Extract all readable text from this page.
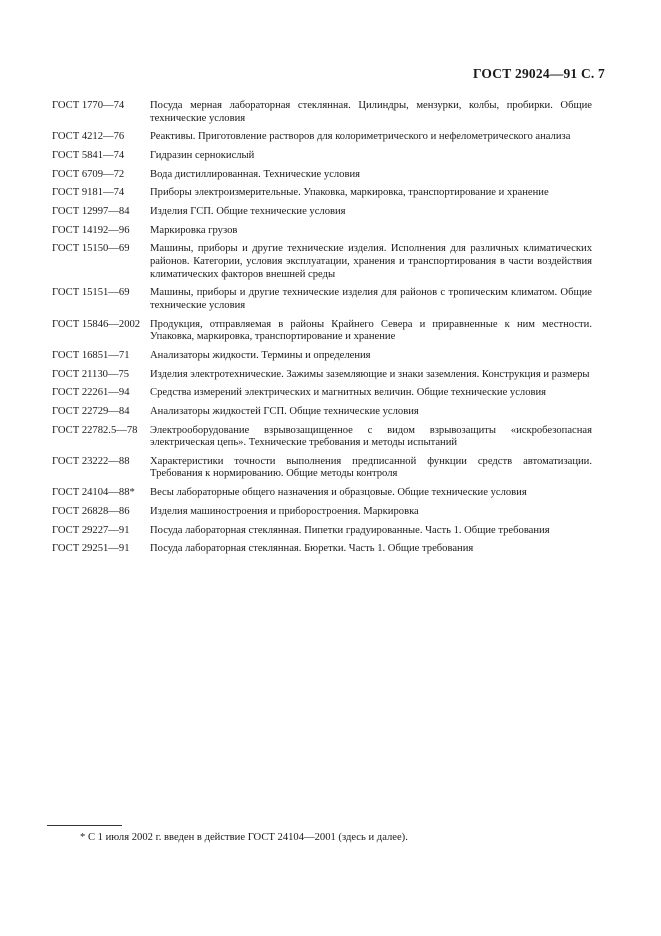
ГОСТ 29024—91 С. 7
ГОСТ 1770—74	Посуда мерная лабораторная стеклянная. Цилиндры, мензурки, колбы, пробирки. Общие технические условия
ГОСТ 4212—76	Реактивы. Приготовление растворов для колориметрического и нефелометрического анализа
ГОСТ 5841—74	Гидразин сернокислый
ГОСТ 6709—72	Вода дистиллированная. Технические условия
ГОСТ 9181—74	Приборы электроизмерительные. Упаковка, маркировка, транспортирование и хранение
ГОСТ 12997—84	Изделия ГСП. Общие технические условия
ГОСТ 14192—96	Маркировка грузов
ГОСТ 15150—69	Машины, приборы и другие технические изделия. Исполнения для различных климатических районов. Категории, условия эксплуатации, хранения и транспортирования в части воздействия климатических факторов внешней среды
ГОСТ 15151—69	Машины, приборы и другие технические изделия для районов с тропическим климатом. Общие технические условия
ГОСТ 15846—2002 Продукция, отправляемая в районы Крайнего Севера и приравненные к ним местности. Упаковка, маркировка, транспортирование и хранение
ГОСТ 16851—71	Анализаторы жидкости. Термины и определения
ГОСТ 21130—75	Изделия электротехнические. Зажимы заземляющие и знаки заземления. Конструкция и размеры
ГОСТ 22261—94	Средства измерений электрических и магнитных величин. Общие технические условия
ГОСТ 22729—84	Анализаторы жидкостей ГСП. Общие технические условия
ГОСТ 22782.5—78	Электрооборудование взрывозащищенное с видом взрывозащиты «искробезопасная электрическая цепь». Технические требования и методы испытаний
ГОСТ 23222—88	Характеристики точности выполнения предписанной функции средств автоматизации. Требования к нормированию. Общие методы контроля
ГОСТ 24104—88*	Весы лабораторные общего назначения и образцовые. Общие технические условия
ГОСТ 26828—86	Изделия машиностроения и приборостроения. Маркировка
ГОСТ 29227—91	Посуда лабораторная стеклянная. Пипетки градуированные. Часть 1. Общие требования
ГОСТ 29251—91	Посуда лабораторная стеклянная. Бюретки. Часть 1. Общие требования
* С 1 июля 2002 г. введен в действие ГОСТ 24104—2001 (здесь и далее).
